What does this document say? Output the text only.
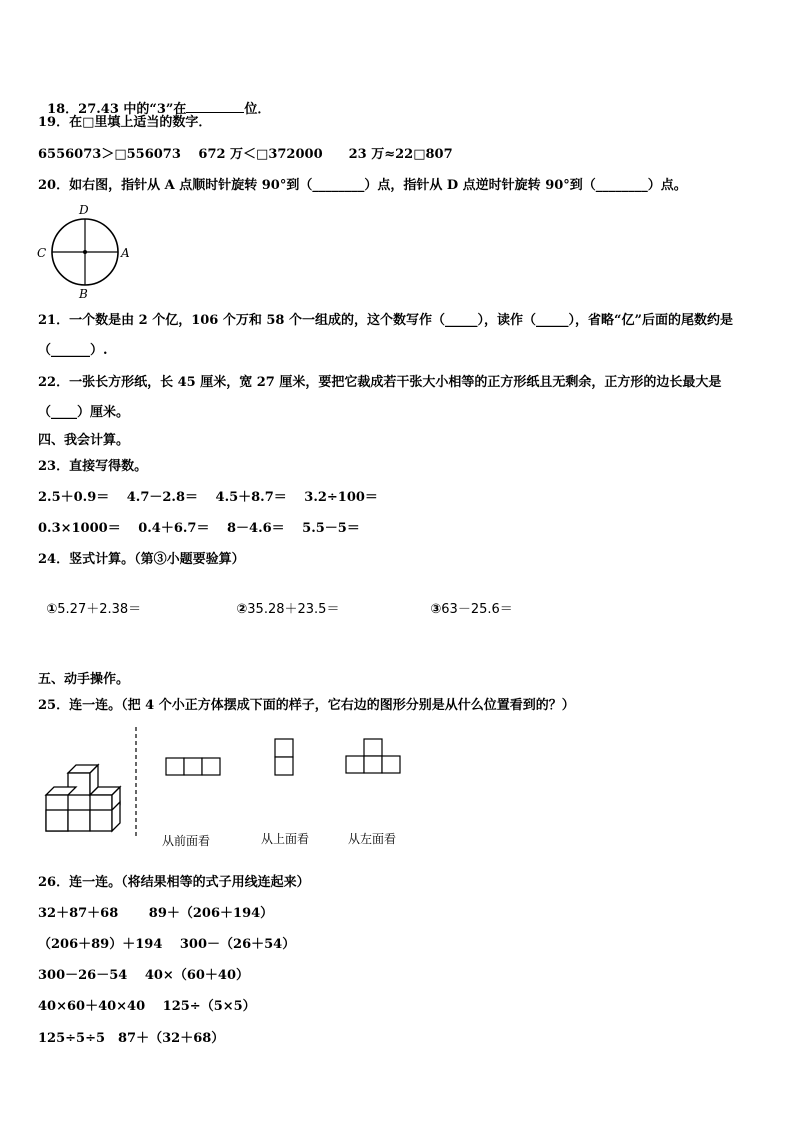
18．27.43 中的“3”在	位．

19．在□里填上适当的数字．
6556073＞□556073　 672 万＜□372000　　23 万≈22□807
20．如右图，指针从 A 点顺时针旋转 90°到（________）点，指针从 D 点逆时针旋转 90°到（________）点。
D
C	A
B
21．一个数是由 2 个亿，106 个万和 58 个一组成的，这个数写作（_____），读作（_____），省略“亿”后面的尾数约是
（______）.
22．一张长方形纸，长 45 厘米，宽 27 厘米，要把它裁成若干张大小相等的正方形纸且无剩余，正方形的边长最大是
（____）厘米。
四、我会计算。
23．直接写得数。
2.5＋0.9＝　 4.7－2.8＝　 4.5＋8.7＝　 3.2÷100＝
0.3×1000＝　 0.4＋6.7＝　 8－4.6＝　 5.5－5＝
24．竖式计算。（第③小题要验算）

①5.27＋2.38＝	②35.28＋23.5＝	③63－25.6＝

五、动手操作。
25．连一连。（把 4 个小正方体摆成下面的样子，它右边的图形分别是从什么位置看到的？）
从前面看	从上面看	从左面看
26．连一连。（将结果相等的式子用线连起来）
32＋87＋68　　 89＋（206＋194）
（206＋89）＋194　 300－（26＋54）
300－26－54　 40×（60＋40）
40×60＋40×40　 125÷（5×5）
125÷5÷5　87＋（32＋68）
